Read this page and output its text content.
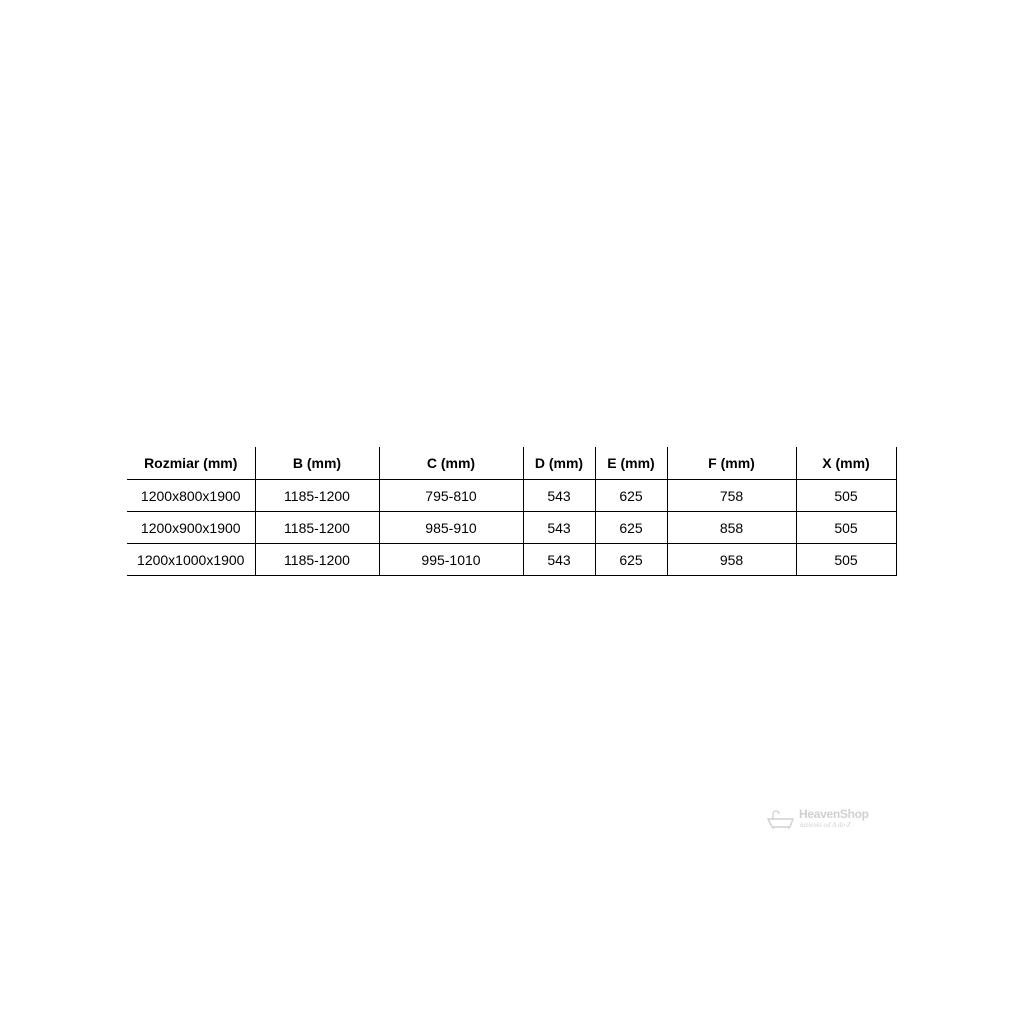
Rozmiar (mm)	B (mm)	C (mm)	D (mm)	E (mm)	F (mm)	X (mm)
1200x800x1900	1185-1200	795-810	543	625	758	505
1200x900x1900	1185-1200	985-910	543	625	858	505
1200x1000x1900	1185-1200	995-1010	543	625	958	505
HeavenShop
łazienki od A do Z
